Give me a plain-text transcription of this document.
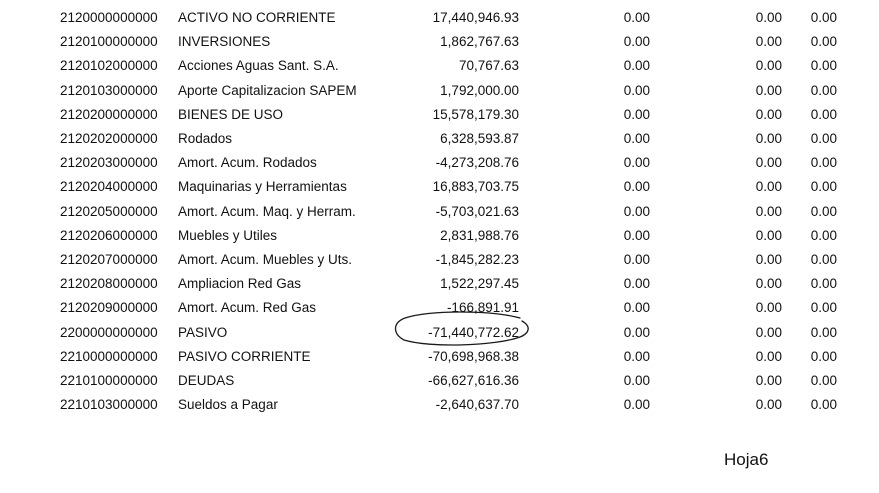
2120000000000 ACTIVO NO CORRIENTE	17,440,946.93	0.00	0.00 0.00
2120100000000 INVERSIONES	1,862,767.63	0.00	0.00 0.00
2120102000000 Acciones Aguas Sant. S.A.	70,767.63	0.00	0.00 0.00
2120103000000 Aporte Capitalizacion SAPEM	1,792,000.00	0.00	0.00 0.00
2120200000000 BIENES DE USO	15,578,179.30	0.00	0.00 0.00
2120202000000 Rodados	6,328,593.87	0.00	0.00 0.00
2120203000000 Amort. Acum. Rodados	-4,273,208.76	0.00	0.00 0.00
2120204000000 Maquinarias y Herramientas	16,883,703.75	0.00	0.00 0.00
2120205000000 Amort. Acum. Maq. y Herram.	-5,703,021.63	0.00	0.00 0.00
2120206000000 Muebles y Utiles	2,831,988.76	0.00	0.00 0.00
2120207000000 Amort. Acum. Muebles y Uts.	-1,845,282.23	0.00	0.00 0.00
2120208000000 Ampliacion Red Gas	1,522,297.45	0.00	0.00 0.00
2120209000000 Amort. Acum. Red Gas	-166,891.91	0.00	0.00 0.00
2200000000000 PASIVO	-71,440,772.62	0.00	0.00 0.00
2210000000000 PASIVO CORRIENTE	-70,698,968.38	0.00	0.00 0.00
2210100000000 DEUDAS	-66,627,616.36	0.00	0.00 0.00
2210103000000 Sueldos a Pagar	-2,640,637.70	0.00	0.00 0.00
Hoja6
